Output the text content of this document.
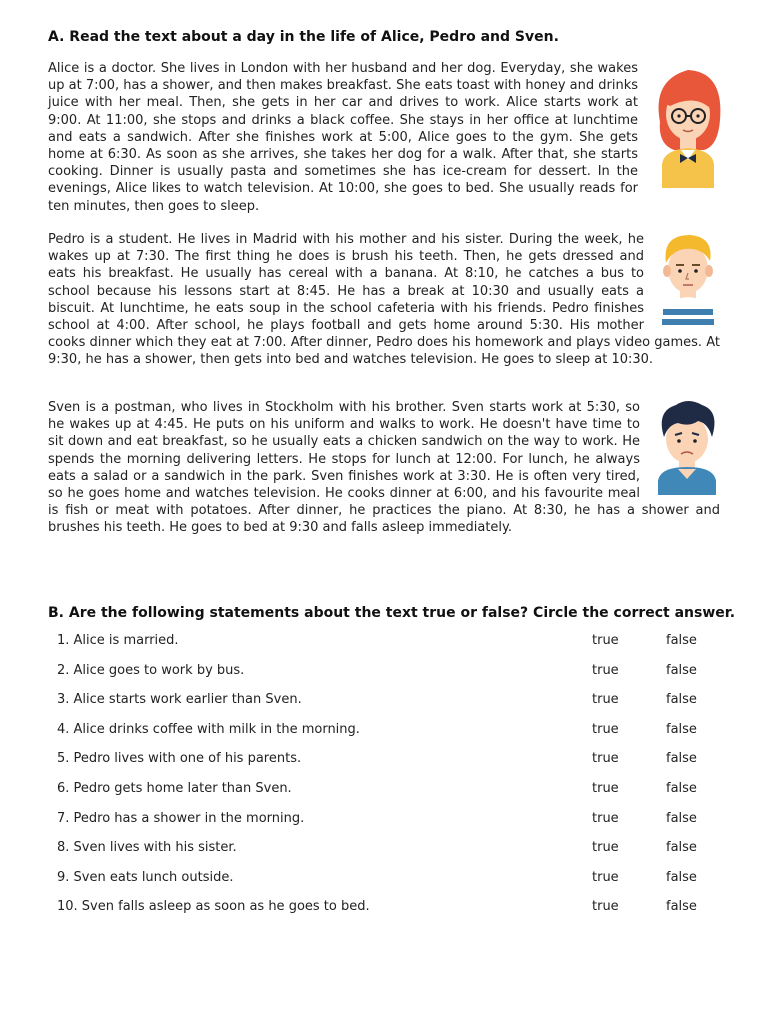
A. Read the text about a day in the life of Alice, Pedro and Sven.

Alice is a doctor. She lives in London with her husband and her dog. Everyday, she wakes up at 7:00, has a shower, and then makes breakfast. She eats toast with honey and drinks juice with her meal. Then, she gets in her car and drives to work. Alice starts work at 9:00. At 11:00, she stops and drinks a black coffee. She stays in her office at lunchtime and eats a sandwich. After she finishes work at 5:00, Alice goes to the gym. She gets home at 6:30. As soon as she arrives, she takes her dog for a walk. After that, she starts cooking. Dinner is usually pasta and sometimes she has ice-cream for dessert. In the evenings, Alice likes to watch television. At 10:00, she goes to bed. She usually reads for ten minutes, then goes to sleep.

Pedro is a student. He lives in Madrid with his mother and his sister. During the week, he wakes up at 7:30. The first thing he does is brush his teeth. Then, he gets dressed and eats his breakfast. He usually has cereal with a banana. At 8:10, he catches a bus to school because his lessons start at 8:45. He has a break at 10:30 and usually eats a biscuit. At lunchtime, he eats soup in the school cafeteria with his friends. Pedro finishes school at 4:00. After school, he plays football and gets home around 5:30. His mother cooks dinner which they eat at 7:00. After dinner, Pedro does his homework and plays video games. At 9:30, he has a shower, then gets into bed and watches television. He goes to sleep at 10:30.

Sven is a postman, who lives in Stockholm with his brother. Sven starts work at 5:30, so he wakes up at 4:45. He puts on his uniform and walks to work. He doesn't have time to sit down and eat breakfast, so he usually eats a chicken sandwich on the way to work. He spends the morning delivering letters. He stops for lunch at 12:00. For lunch, he always eats a salad or a sandwich in the park. Sven finishes work at 3:30. He is often very tired, so he goes home and watches television. He cooks dinner at 6:00, and his favourite meal is fish or meat with potatoes. After dinner, he practices the piano. At 8:30, he has a shower and brushes his teeth. He goes to bed at 9:30 and falls asleep immediately.

B. Are the following statements about the text true or false? Circle the correct answer.
1. Alice is married.	true	false
2. Alice goes to work by bus.	true	false
3. Alice starts work earlier than Sven.	true	false
4. Alice drinks coffee with milk in the morning.	true	false
5. Pedro lives with one of his parents.	true	false
6. Pedro gets home later than Sven.	true	false
7. Pedro has a shower in the morning.	true	false
8. Sven lives with his sister.	true	false
9. Sven eats lunch outside.	true	false
10. Sven falls asleep as soon as he goes to bed.	true	false
